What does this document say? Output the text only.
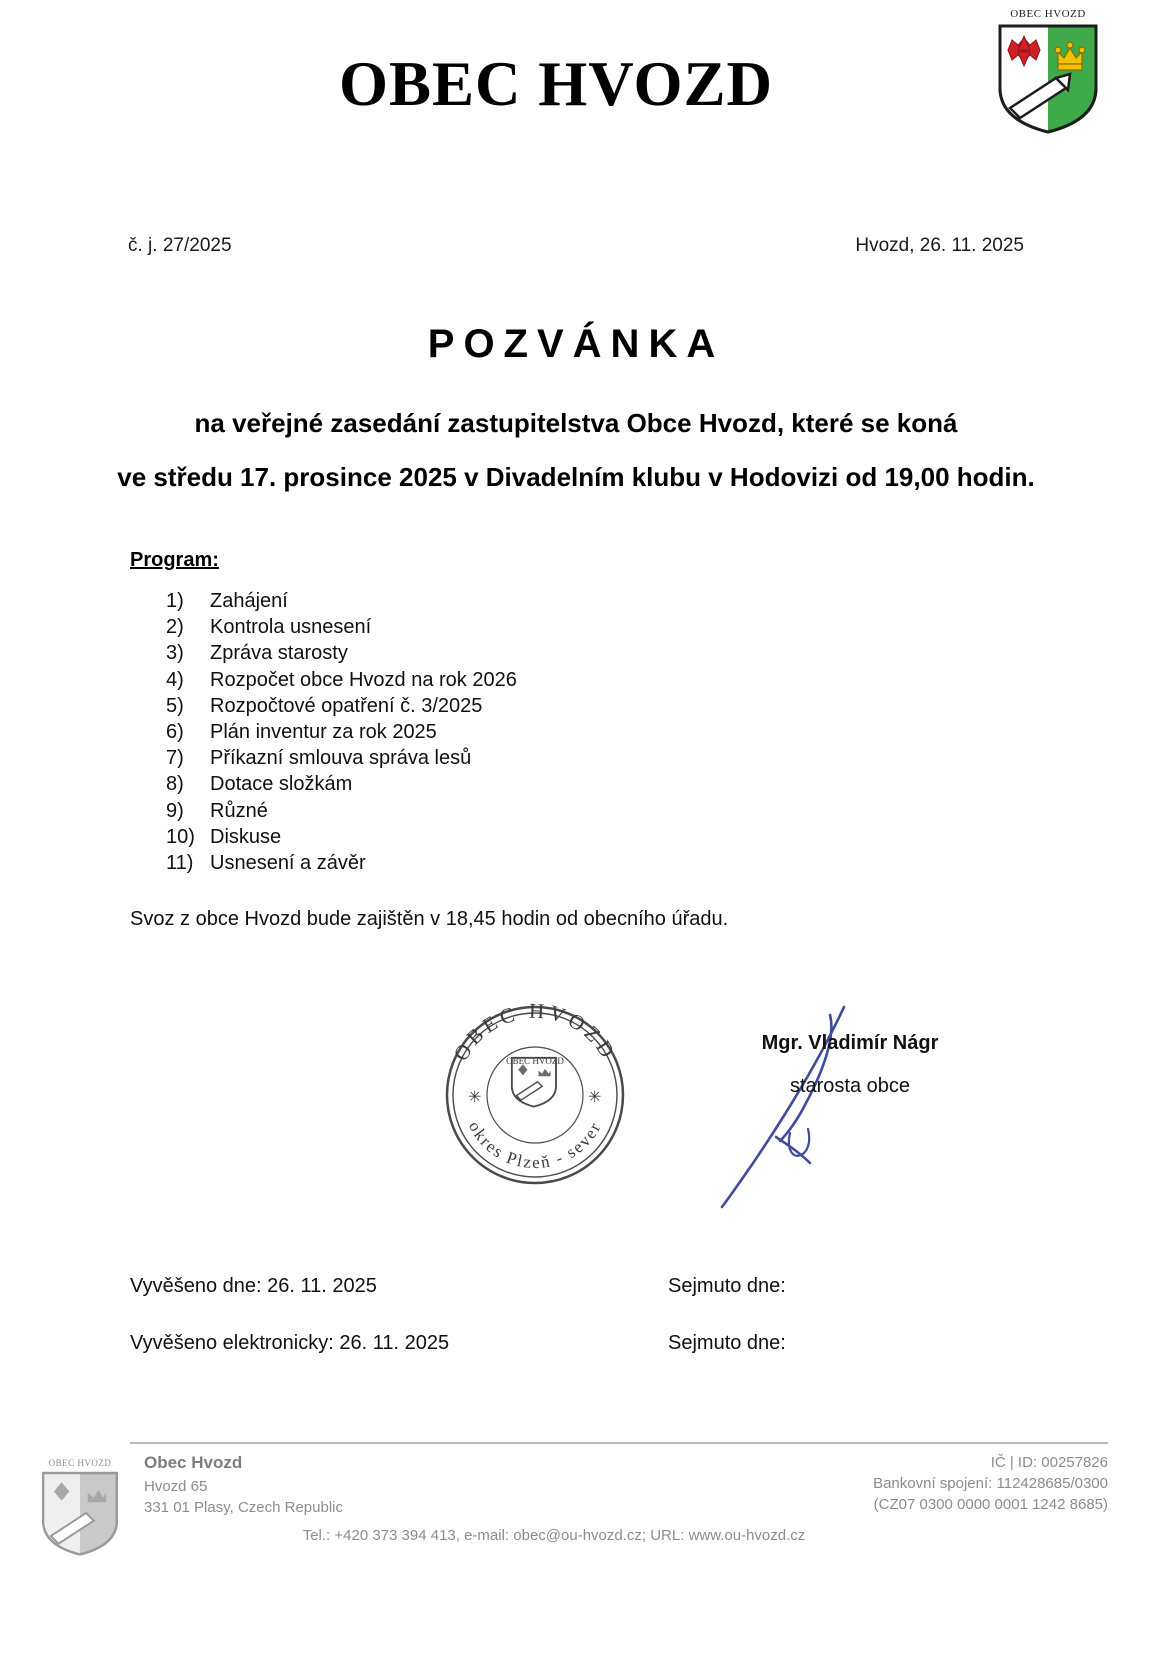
OBEC HVOZD
OBEC HVOZD
č. j. 27/2025	Hvozd, 26. 11. 2025
POZVÁNKA
na veřejné zasedání zastupitelstva Obce Hvozd, které se koná
ve středu 17. prosince 2025 v Divadelním klubu v Hodovizi od 19,00 hodin.
Program:
1)	Zahájení
2)	Kontrola usnesení
3)	Zpráva starosty
4)	Rozpočet obce Hvozd na rok 2026
5)	Rozpočtové opatření č. 3/2025
6)	Plán inventur za rok 2025
7)	Příkazní smlouva správa lesů
8)	Dotace složkám
9)	Různé
10) Diskuse
11) Usnesení a závěr
Svoz z obce Hvozd bude zajištěn v 18,45 hodin od obecního úřadu.
OBEC HVOZD
okres Plzeň - sever
✳	✳
OBEC HVOZD
Mgr. Vladimír Nágr
starosta obce
Vyvěšeno dne: 26. 11. 2025	Sejmuto dne:
Vyvěšeno elektronicky: 26. 11. 2025	Sejmuto dne:
OBEC HVOZD	Obec Hvozd
Hvozd 65
331 01 Plasy, Czech Republic
IČ | ID: 00257826
Bankovní spojení: 112428685/0300
(CZ07 0300 0000 0001 1242 8685)
Tel.: +420 373 394 413, e-mail: obec@ou-hvozd.cz; URL: www.ou-hvozd.cz
